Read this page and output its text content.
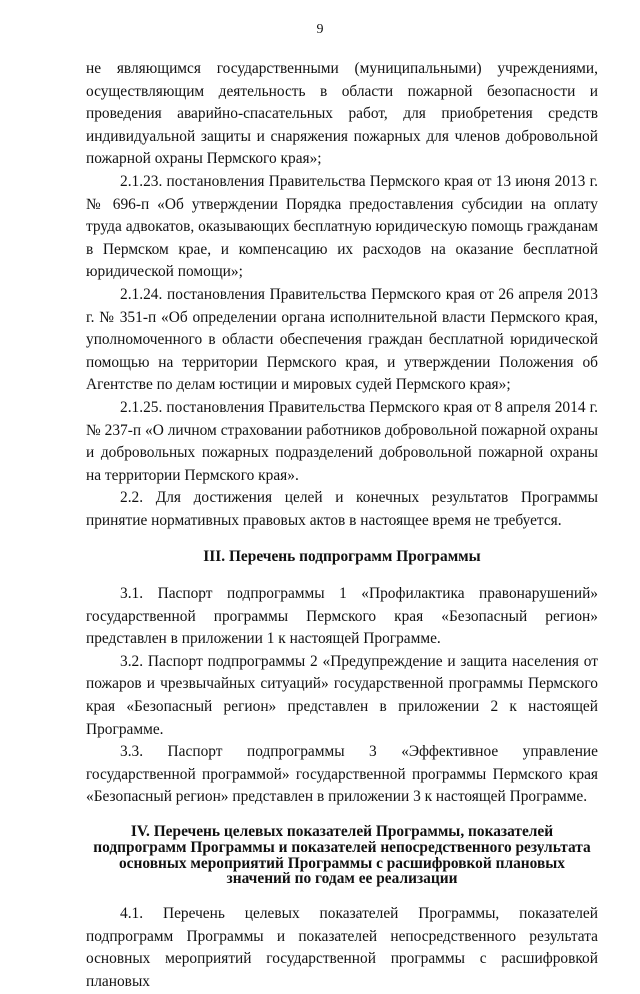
9

не являющимся государственными (муниципальными) учреждениями, осуществляющим деятельность в области пожарной безопасности и проведения аварийно-спасательных работ, для приобретения средств индивидуальной защиты и снаряжения пожарных для членов добровольной пожарной охраны Пермского края»;

2.1.23. постановления Правительства Пермского края от 13 июня 2013 г. № 696-п «Об утверждении Порядка предоставления субсидии на оплату труда адвокатов, оказывающих бесплатную юридическую помощь гражданам в Пермском крае, и компенсацию их расходов на оказание бесплатной юридической помощи»;

2.1.24. постановления Правительства Пермского края от 26 апреля 2013 г. № 351-п «Об определении органа исполнительной власти Пермского края, уполномоченного в области обеспечения граждан бесплатной юридической помощью на территории Пермского края, и утверждении Положения об Агентстве по делам юстиции и мировых судей Пермского края»;

2.1.25. постановления Правительства Пермского края от 8 апреля 2014 г. № 237-п «О личном страховании работников добровольной пожарной охраны и добровольных пожарных подразделений добровольной пожарной охраны на территории Пермского края».

2.2. Для достижения целей и конечных результатов Программы принятие нормативных правовых актов в настоящее время не требуется.

III. Перечень подпрограмм Программы

3.1. Паспорт подпрограммы 1 «Профилактика правонарушений» государственной программы Пермского края «Безопасный регион» представлен в приложении 1 к настоящей Программе.

3.2. Паспорт подпрограммы 2 «Предупреждение и защита населения от пожаров и чрезвычайных ситуаций» государственной программы Пермского края «Безопасный регион» представлен в приложении 2 к настоящей Программе.

3.3. Паспорт подпрограммы 3 «Эффективное управление государственной программой» государственной программы Пермского края «Безопасный регион» представлен в приложении 3 к настоящей Программе.

IV. Перечень целевых показателей Программы, показателей подпрограмм Программы и показателей непосредственного результата основных мероприятий Программы с расшифровкой плановых значений по годам ее реализации

4.1. Перечень целевых показателей Программы, показателей подпрограмм Программы и показателей непосредственного результата основных мероприятий государственной программы с расшифровкой плановых
